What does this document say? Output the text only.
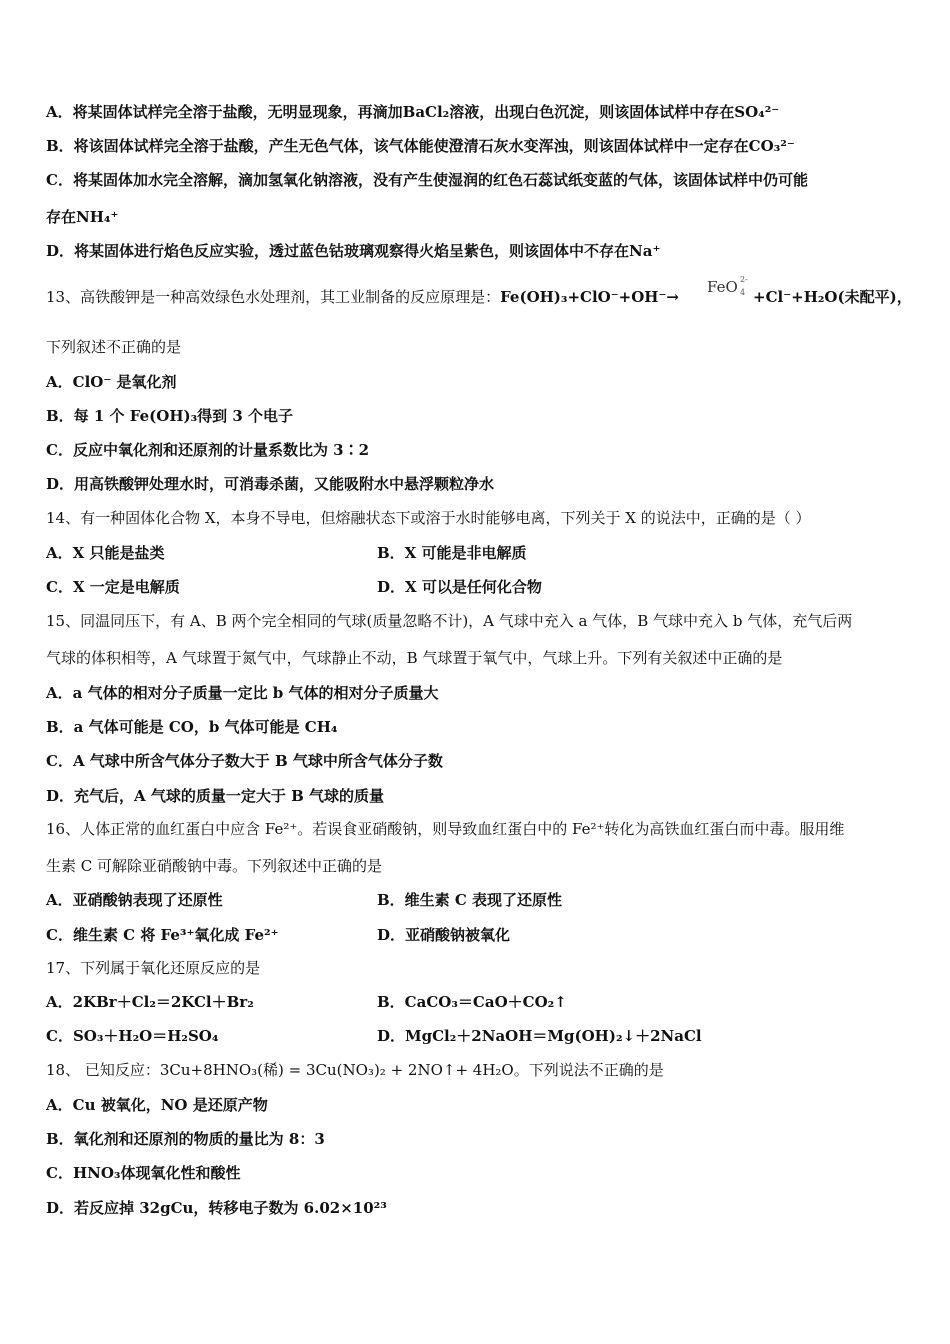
A．将某固体试样完全溶于盐酸，无明显现象，再滴加BaCl₂溶液，出现白色沉淀，则该固体试样中存在SO₄²⁻
B．将该固体试样完全溶于盐酸，产生无色气体，该气体能使澄清石灰水变浑浊，则该固体试样中一定存在CO₃²⁻
C．将某固体加水完全溶解，滴加氢氧化钠溶液，没有产生使湿润的红色石蕊试纸变蓝的气体，该固体试样中仍可能
存在NH₄⁺
D．将某固体进行焰色反应实验，透过蓝色钴玻璃观察得火焰呈紫色，则该固体中不存在Na⁺
13、高铁酸钾是一种高效绿色水处理剂，其工业制备的反应原理是：Fe(OH)₃+ClO⁻+OH⁻→
FeO 2-
4 +Cl⁻+H₂O(未配平)，
下列叙述不正确的是
A．ClO⁻ 是氧化剂
B．每 1 个 Fe(OH)₃得到 3 个电子
C．反应中氧化剂和还原剂的计量系数比为 3∶2
D．用高铁酸钾处理水时，可消毒杀菌，又能吸附水中悬浮颗粒净水
14、有一种固体化合物 X，本身不导电，但熔融状态下或溶于水时能够电离，下列关于 X 的说法中，正确的是（ ）
A．X 只能是盐类	B．X 可能是非电解质
C．X 一定是电解质	D．X 可以是任何化合物
15、同温同压下，有 A、B 两个完全相同的气球(质量忽略不计)，A 气球中充入 a 气体，B 气球中充入 b 气体，充气后两
气球的体积相等，A 气球置于氮气中，气球静止不动，B 气球置于氧气中，气球上升。下列有关叙述中正确的是
A．a 气体的相对分子质量一定比 b 气体的相对分子质量大
B．a 气体可能是 CO，b 气体可能是 CH₄
C．A 气球中所含气体分子数大于 B 气球中所含气体分子数
D．充气后，A 气球的质量一定大于 B 气球的质量
16、人体正常的血红蛋白中应含 Fe²⁺。若误食亚硝酸钠，则导致血红蛋白中的 Fe²⁺转化为高铁血红蛋白而中毒。服用维
生素 C 可解除亚硝酸钠中毒。下列叙述中正确的是
A．亚硝酸钠表现了还原性	B．维生素 C 表现了还原性
C．维生素 C 将 Fe³⁺氧化成 Fe²⁺	D．亚硝酸钠被氧化
17、下列属于氧化还原反应的是
A．2KBr＋Cl₂＝2KCl＋Br₂	B．CaCO₃＝CaO＋CO₂↑
C．SO₃＋H₂O＝H₂SO₄	D．MgCl₂＋2NaOH＝Mg(OH)₂↓＋2NaCl
18、 已知反应：3Cu+8HNO₃(稀) = 3Cu(NO₃)₂ + 2NO↑+ 4H₂O。下列说法不正确的是
A．Cu 被氧化，NO 是还原产物
B．氧化剂和还原剂的物质的量比为 8：3
C．HNO₃体现氧化性和酸性
D．若反应掉 32gCu，转移电子数为 6.02×10²³
